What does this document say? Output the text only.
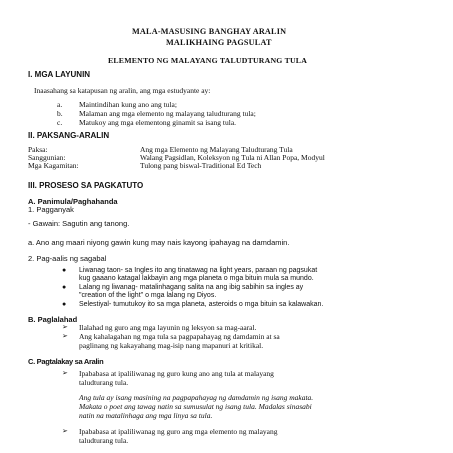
MALA-MASUSING BANGHAY ARALIN
MALIKHAING PAGSULAT
ELEMENTO NG MALAYANG TALUDTURANG TULA
I. MGA LAYUNIN
Inaasahang sa katapusan ng aralin, ang mga estudyante ay:
a. Maintindihan kung ano ang tula;
b. Malaman ang mga elemento ng malayang taludturang tula;
c. Matukoy ang mga elementong ginamit sa isang tula.
II. PAKSANG-ARALIN
Paksa:	Ang mga Elemento ng Malayang Taludturang Tula
Sanggunian:	Walang Pagsidlan, Koleksyon ng Tula ni Allan Popa, Modyul
Mga Kagamitan:	Tulong pang biswal-Traditional Ed Tech
III. PROSESO SA PAGKATUTO
A. Panimula/Paghahanda
1. Pagganyak
- Gawain: Sagutin ang tanong.
a. Ano ang maari niyong gawin kung may nais kayong ipahayag na damdamin.
2. Pag-aalis ng sagabal
● Liwanag taon- sa Ingles ito ang tinatawag na light years, paraan ng pagsukat
kug gaaano katagal lakbayin ang mga planeta o mga bituin mula sa mundo.
● Lalang ng liwanag- matalinhagang salita na ang ibig sabihin sa ingles ay
"creation of the light" o mga lalang ng Diyos.
● Selestiyal- tumutukoy ito sa mga planeta, asteroids o mga bituin sa kalawakan.
B. Paglalahad
➢ Ilalahad ng guro ang mga layunin ng leksyon sa mag-aaral.
➢ Ang kahalagahan ng mga tula sa pagpapahayag ng damdamin at sa
paglinang ng kakayahang mag-isip nang mapanuri at kritikal.
C. Pagtalakay sa Aralin
➢ Ipababasa at ipaliliwanag ng guro kung ano ang tula at malayang
taludturang tula.
Ang tula ay isang masining na pagpapahayag ng damdamin ng isang makata.
Makata o poet ang tawag natin sa sumusulat ng isang tula. Madalas sinasabi
natin na matalinhaga ang mga linya sa tula.
➢ Ipababasa at ipaliliwanag ng guro ang mga elemento ng malayang
taludturang tula.
